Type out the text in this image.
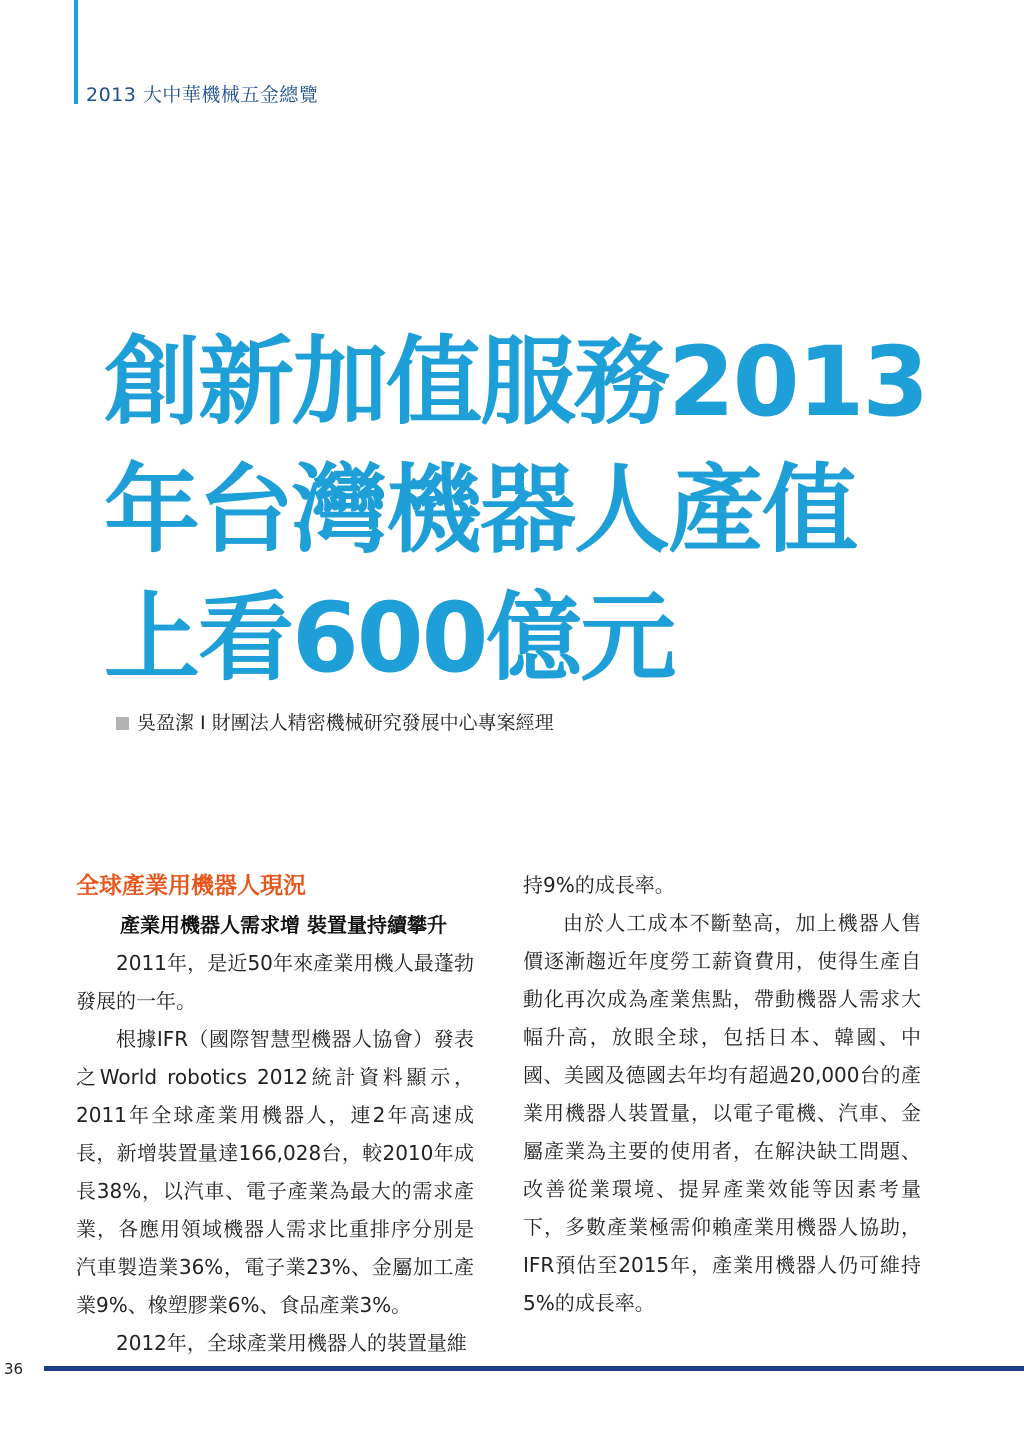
2013 大中華機械五金總覽
創新加值服務2013
年台灣機器人產值
上看600億元
吳盈潔 I 財團法人精密機械研究發展中心專案經理
全球產業用機器人現況
產業用機器人需求增 裝置量持續攀升

2011年，是近50年來產業用機人最蓬勃發展的一年。

根據IFR（國際智慧型機器人協會）發表之World robotics 2012統計資料顯示，2011年全球產業用機器人，連2年高速成長，新增裝置量達166,028台，較2010年成長38%，以汽車、電子產業為最大的需求產業，各應用領域機器人需求比重排序分別是汽車製造業36%，電子業23%、金屬加工產業9%、橡塑膠業6%、食品產業3%。

2012年，全球產業用機器人的裝置量維

持9%的成長率。

由於人工成本不斷墊高，加上機器人售價逐漸趨近年度勞工薪資費用，使得生產自動化再次成為產業焦點，帶動機器人需求大幅升高，放眼全球，包括日本、韓國、中國、美國及德國去年均有超過20,000台的產業用機器人裝置量，以電子電機、汽車、金屬產業為主要的使用者，在解決缺工問題、改善從業環境、提昇產業效能等因素考量下，多數產業極需仰賴產業用機器人協助，IFR預估至2015年，產業用機器人仍可維持5%的成長率。

36
